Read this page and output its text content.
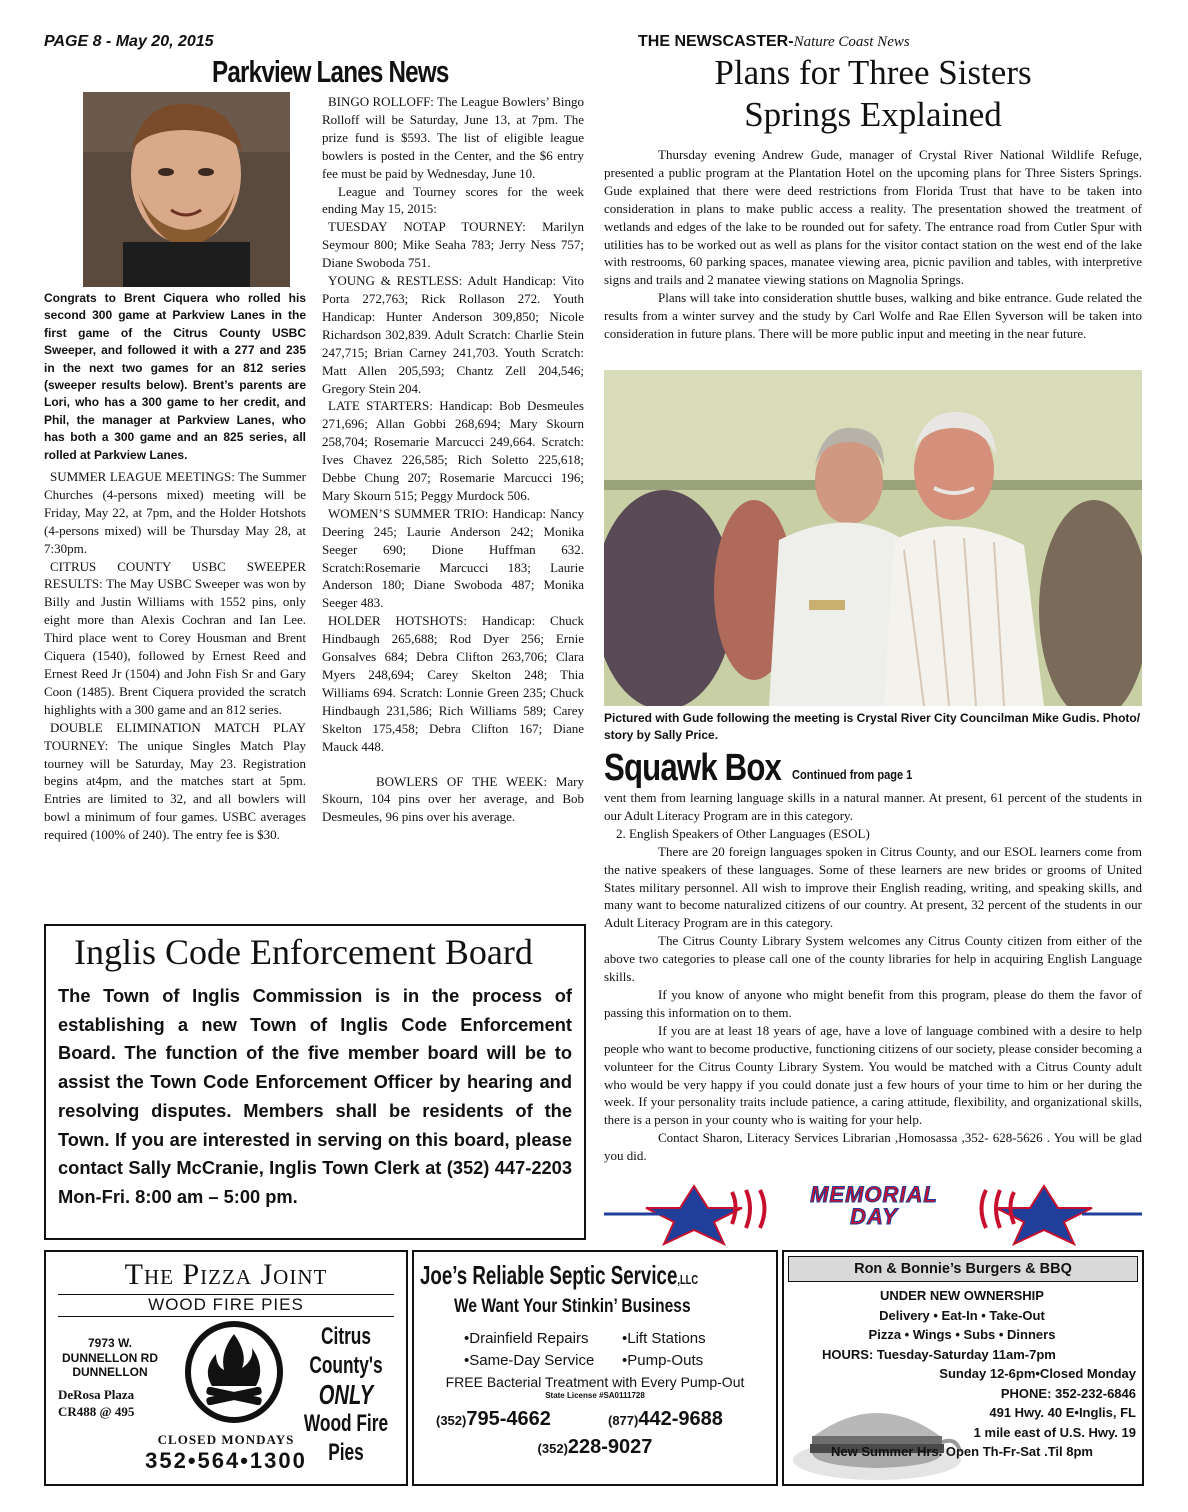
PAGE 8 - May 20, 2015	THE NEWSCASTER-Nature Coast News
Parkview Lanes News
Congrats to Brent Ciquera who rolled his second 300 game at Parkview Lanes in the first game of the Citrus County USBC Sweeper, and followed it with a 277 and 235 in the next two games for an 812 series (sweeper results below). Brent’s parents are Lori, who has a 300 game to her credit, and Phil, the manager at Parkview Lanes, who has both a 300 game and an 825 series, all rolled at Parkview Lanes.

SUMMER LEAGUE MEETINGS: The Summer Churches (4-persons mixed) meeting will be Friday, May 22, at 7pm, and the Holder Hotshots (4-persons mixed) will be Thursday May 28, at 7:30pm.

CITRUS COUNTY USBC SWEEPER RESULTS: The May USBC Sweeper was won by Billy and Justin Williams with 1552 pins, only eight more than Alexis Cochran and Ian Lee. Third place went to Corey Housman and Brent Ciquera (1540), followed by Ernest Reed and Ernest Reed Jr (1504) and John Fish Sr and Gary Coon (1485). Brent Ciquera provided the scratch highlights with a 300 game and an 812 series.

DOUBLE ELIMINATION MATCH PLAY TOURNEY: The unique Singles Match Play tourney will be Saturday, May 23. Registration begins at4pm, and the matches start at 5pm. Entries are limited to 32, and all bowlers will bowl a minimum of four games. USBC averages required (100% of 240). The entry fee is $30.

BINGO ROLLOFF: The League Bowlers’ Bingo Rolloff will be Saturday, June 13, at 7pm. The prize fund is $593. The list of eligible league bowlers is posted in the Center, and the $6 entry fee must be paid by Wednesday, June 10.

League and Tourney scores for the week ending May 15, 2015:

TUESDAY NOTAP TOURNEY: Marilyn Seymour 800; Mike Seaha 783; Jerry Ness 757; Diane Swoboda 751.

YOUNG & RESTLESS: Adult Handicap: Vito Porta 272,763; Rick Rollason 272. Youth Handicap: Hunter Anderson 309,850; Nicole Richardson 302,839. Adult Scratch: Charlie Stein 247,715; Brian Carney 241,703. Youth Scratch: Matt Allen 205,593; Chantz Zell 204,546; Gregory Stein 204.

LATE STARTERS: Handicap: Bob Desmeules 271,696; Allan Gobbi 268,694; Mary Skourn 258,704; Rosemarie Marcucci 249,664. Scratch: Ives Chavez 226,585; Rich Soletto 225,618; Debbe Chung 207; Rosemarie Marcucci 196; Mary Skourn 515; Peggy Murdock 506.

WOMEN’S SUMMER TRIO: Handicap: Nancy Deering 245; Laurie Anderson 242; Monika Seeger 690; Dione Huffman 632. Scratch:Rosemarie Marcucci 183; Laurie Anderson 180; Diane Swoboda 487; Monika Seeger 483.

HOLDER HOTSHOTS: Handicap: Chuck Hindbaugh 265,688; Rod Dyer 256; Ernie Gonsalves 684; Debra Clifton 263,706; Clara Myers 248,694; Carey Skelton 248; Thia Williams 694. Scratch: Lonnie Green 235; Chuck Hindbaugh 231,586; Rich Williams 589; Carey Skelton 175,458; Debra Clifton 167; Diane Mauck 448.

BOWLERS OF THE WEEK: Mary Skourn, 104 pins over her average, and Bob Desmeules, 96 pins over his average.

Plans for Three Sisters
Springs Explained

Thursday evening Andrew Gude, manager of Crystal River National Wildlife Refuge, presented a public program at the Plantation Hotel on the upcoming plans for Three Sisters Springs. Gude explained that there were deed restrictions from Florida Trust that have to be taken into consideration in plans to make public access a reality. The presentation showed the treatment of wetlands and edges of the lake to be rounded out for safety. The entrance road from Cutler Spur with utilities has to be worked out as well as plans for the visitor contact station on the west end of the lake with restrooms, 60 parking spaces, manatee viewing area, picnic pavilion and tables, with interpretive signs and trails and 2 manatee viewing stations on Magnolia Springs.

Plans will take into consideration shuttle buses, walking and bike entrance. Gude related the results from a winter survey and the study by Carl Wolfe and Rae Ellen Syverson will be taken into consideration in future plans. There will be more public input and meeting in the near future.

Pictured with Gude following the meeting is Crystal River City Councilman Mike Gudis. Photo/ story by Sally Price.
Squawk Box Continued from page 1

vent them from learning language skills in a natural manner. At present, 61 percent of the students in our Adult Literacy Program are in this category.

2. English Speakers of Other Languages (ESOL)

There are 20 foreign languages spoken in Citrus County, and our ESOL learners come from the native speakers of these languages. Some of these learners are new brides or grooms of United States military personnel. All wish to improve their English reading, writing, and speaking skills, and many want to become naturalized citizens of our country. At present, 32 percent of the students in our Adult Literacy Program are in this category.

The Citrus County Library System welcomes any Citrus County citizen from either of the above two categories to please call one of the county libraries for help in acquiring English Language skills.

If you know of anyone who might benefit from this program, please do them the favor of passing this information on to them.

If you are at least 18 years of age, have a love of language combined with a desire to help people who want to become productive, functioning citizens of our society, please consider becoming a volunteer for the Citrus County Library System. You would be matched with a Citrus County adult who would be very happy if you could donate just a few hours of your time to him or her during the week. If your personality traits include patience, a caring attitude, flexibility, and organizational skills, there is a person in your county who is waiting for your help.

Contact Sharon, Literacy Services Librarian ,Homosassa ,352- 628-5626 . You will be glad you did.

MEMORIAL
DAY
Inglis Code Enforcement Board
The Town of Inglis Commission is in the process of establishing a new Town of Inglis Code Enforcement Board. The function of the five member board will be to assist the Town Code Enforcement Officer by hearing and resolving disputes. Members shall be residents of the Town. If you are interested in serving on this board, please contact Sally McCranie, Inglis Town Clerk at (352) 447-2203 Mon-Fri. 8:00 am – 5:00 pm.
The Pizza Joint
WOOD FIRE PIES
7973 W.
DUNNELLON RD
DUNNELLON
DeRosa Plaza
CR488 @ 495
Citrus County's
ONLY
Wood Fire Pies
CLOSED MONDAYS
352•564•1300
Joe’s Reliable Septic Service,LLC
We Want Your Stinkin’ Business
•Drainfield Repairs •Lift Stations
•Same-Day Service •Pump-Outs
FREE Bacterial Treatment with Every Pump-Out
State License #SA0111728
(352)795-4662	(877)442-9688
(352)228-9027
Ron & Bonnie’s Burgers & BBQ
UNDER NEW OWNERSHIP
Delivery • Eat-In • Take-Out
Pizza • Wings • Subs • Dinners
HOURS: Tuesday-Saturday 11am-7pm
Sunday 12-6pm•Closed Monday
PHONE: 352-232-6846
491 Hwy. 40 E•Inglis, FL
1 mile east of U.S. Hwy. 19
New Summer Hrs. Open Th-Fr-Sat .Til 8pm
